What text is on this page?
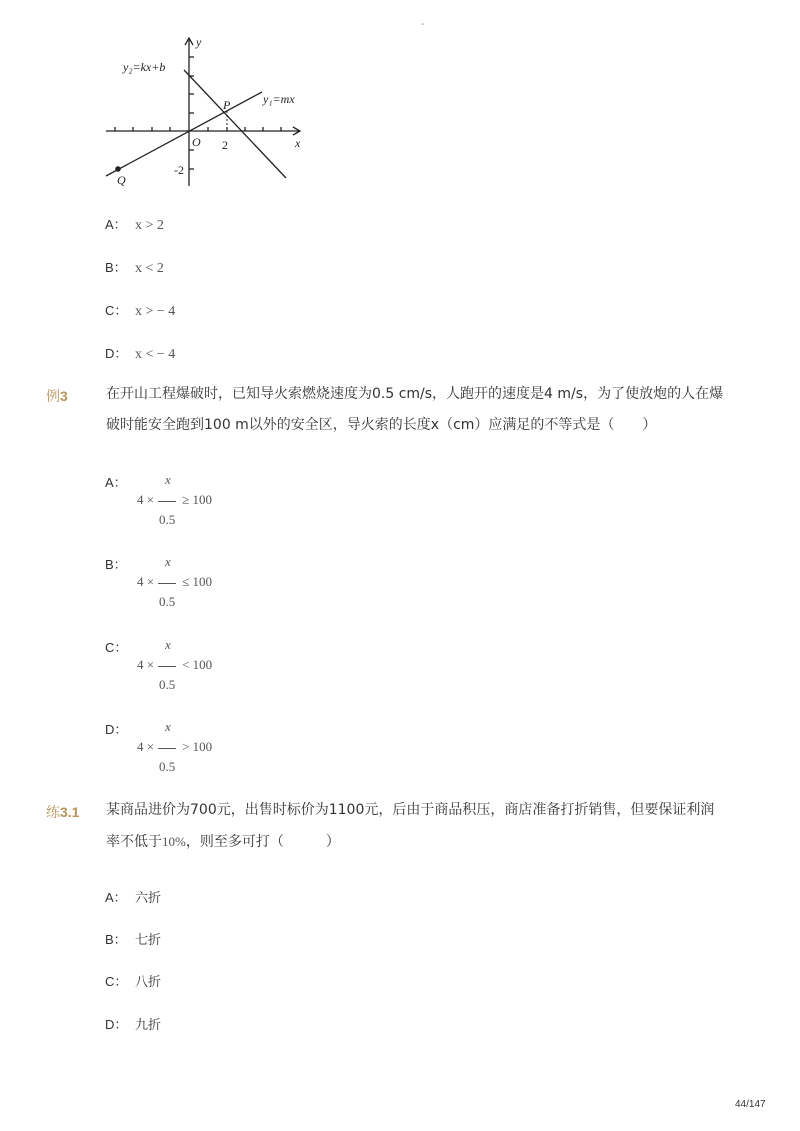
-
y₂=kx+b
y₁=mx
P
Q
O	x
y
2
-2
A： x > 2
B： x < 2
C： x > − 4
D： x < − 4
例3	在开山工程爆破时，已知导火索燃烧速度为0.5 cm/s，人跑开的速度是4 m/s，为了使放炮的人在爆破时能安全跑到100 m以外的安全区，导火索的长度x（cm）应满足的不等式是（　　）
A：	x
4 × ≥ 100
0.5
B：	x
4 × ≤ 100
0.5
C：	x
4 × < 100
0.5
D：	x
4 × > 100
0.5
练3.1 某商品进价为700元，出售时标价为1100元，后由于商品积压，商店准备打折销售，但要保证利润率不低于10%，则至多可打（　　　）
A： 六折
B： 七折
C： 八折
D： 九折
44/147
